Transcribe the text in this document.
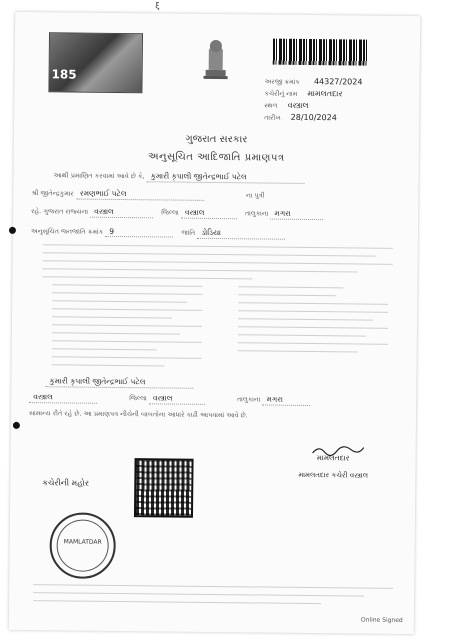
ξ
185
અરજી ક્રમાંક 44327/2024
કચેરીનું નામ મામલતદાર
સ્થળ વસ્ત્રાલ
તારીખ 28/10/2024
ગુજરાત સરકાર
અનુસૂચિત આદિજાતિ પ્રમાણપત્ર
આથી પ્રમાણિત કરવામાં આવે છે કે, કુમારી કૃપાલી જીતેન્દ્રભાઈ પટેલ
શ્રી જીતેન્દ્રકુમાર રમણભાઈ પટેલ	ના પુત્રી
રહે. ગુજરાત રાજ્યના વસ્ત્રાલ	જિલ્લા વસ્ત્રાલ	તાલુકાના મગરા
અનુસૂચિત જનજાતિ ક્રમાંક 9	જાતિ ડોડિયા
કુમારી કૃપાલી જીતેન્દ્રભાઈ પટેલ
વસ્ત્રાલ	જિલ્લા વસ્ત્રાલ	તાલુકાના મગરા
સામાન્ય રીતે રહે છે. આ પ્રમાણપત્ર નીચેની બાબતોના આધારે કાઢી આપવામાં આવે છે.
મામલતદાર
મામલતદાર કચેરી વસ્ત્રાલ
કચેરીની મહોર
MAMLATDAR
Online Signed
